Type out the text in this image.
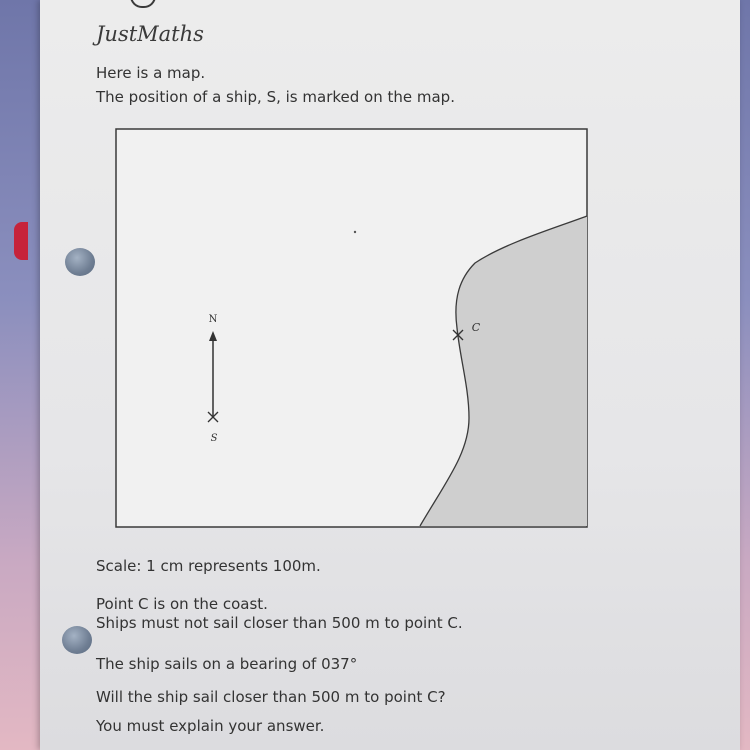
JustMaths
Here is a map.
The position of a ship, S, is marked on the map.
N
S
C
Scale: 1 cm represents 100m.
Point C is on the coast.
Ships must not sail closer than 500 m to point C.
The ship sails on a bearing of 037°
Will the ship sail closer than 500 m to point C?
You must explain your answer.
